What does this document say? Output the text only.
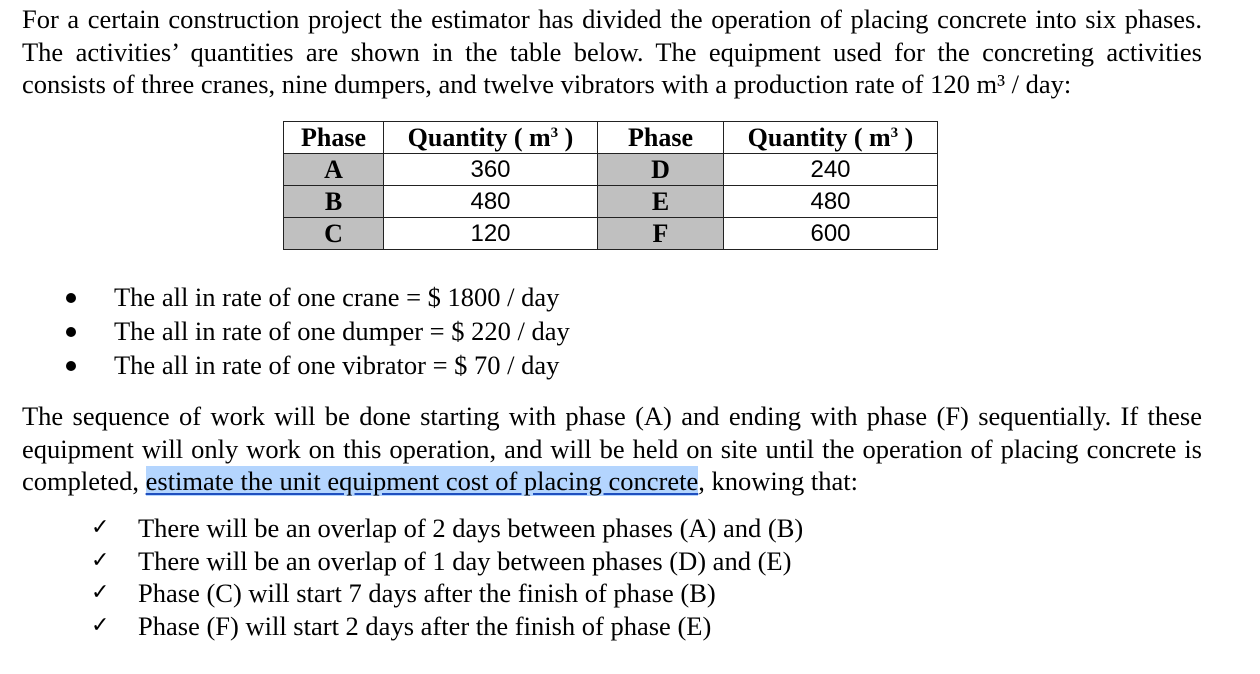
For a certain construction project the estimator has divided the operation of placing concrete into six phases. The activities’ quantities are shown in the table below. The equipment used for the concreting activities consists of three cranes, nine dumpers, and twelve vibrators with a production rate of 120 m³ / day:

Phase	Quantity ( $m^3$ )	Phase	Quantity ( $m^3$ )
A	360	D	240
B	480	E	480
C	120	F	600
The all in rate of one crane = $ 1800 / day
The all in rate of one dumper = $ 220 / day
The all in rate of one vibrator = $ 70 / day

The sequence of work will be done starting with phase (A) and ending with phase (F) sequentially. If these equipment will only work on this operation, and will be held on site until the operation of placing concrete is completed, estimate the unit equipment cost of placing concrete, knowing that:

✓ There will be an overlap of 2 days between phases (A) and (B)
✓ There will be an overlap of 1 day between phases (D) and (E)
✓ Phase (C) will start 7 days after the finish of phase (B)
✓ Phase (F) will start 2 days after the finish of phase (E)
